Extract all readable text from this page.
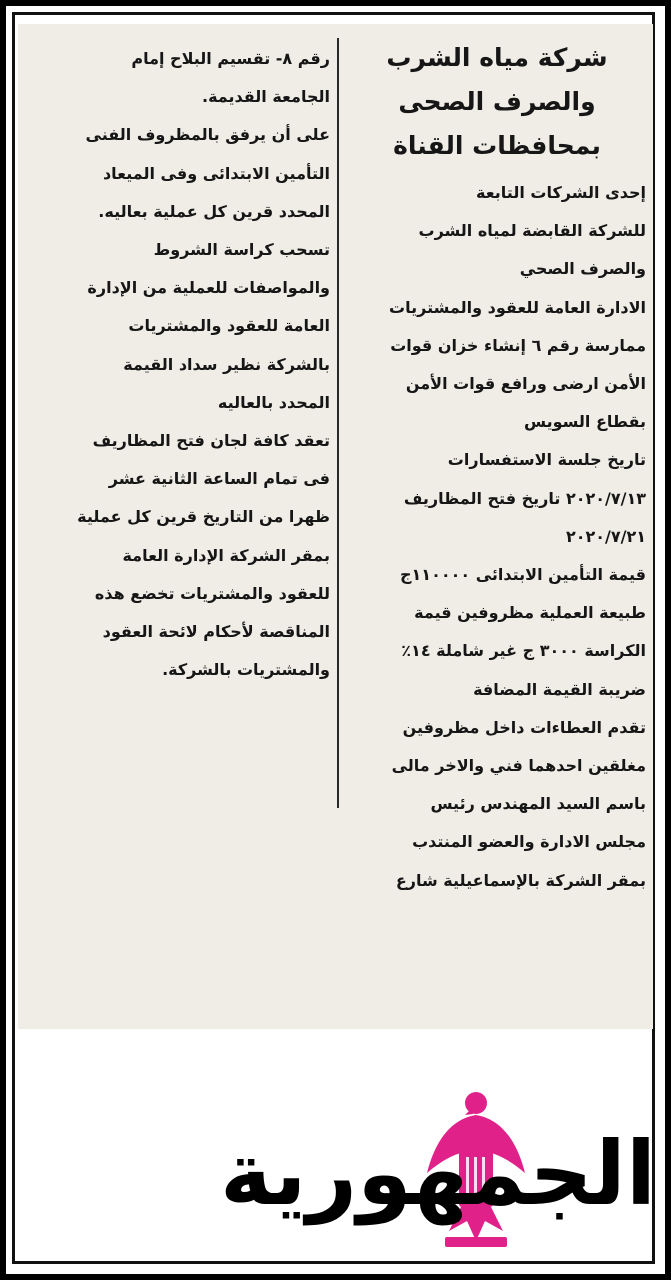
شركة مياه الشرب
والصرف الصحى
بمحافظات القناة
إحدى الشركات التابعة
للشركة القابضة لمياه الشرب
والصرف الصحي
الادارة العامة للعقود والمشتريات
ممارسة رقم ٦ إنشاء خزان قوات
الأمن ارضى ورافع قوات الأمن
بقطاع السويس
تاريخ جلسة الاستفسارات
٢٠٢٠/٧/١٣ تاريخ فتح المظاريف
٢٠٢٠/٧/٢١
قيمة التأمين الابتدائى ١١٠٠٠٠ج
طبيعة العملية مظروفين قيمة
الكراسة ٣٠٠٠ ج غير شاملة ١٤٪
ضريبة القيمة المضافة
تقدم العطاءات داخل مظروفين
مغلقين احدهما فني والاخر مالى
باسم السيد المهندس رئيس
مجلس الادارة والعضو المنتدب
بمقر الشركة بالإسماعيلية شارع
رقم ٨- تقسيم البلاح إمام
الجامعة القديمة.
على أن يرفق بالمظروف الفنى
التأمين الابتدائى وفى الميعاد
المحدد قرين كل عملية بعاليه.
تسحب كراسة الشروط
والمواصفات للعملية من الإدارة
العامة للعقود والمشتريات
بالشركة نظير سداد القيمة
المحدد بالعاليه
تعقد كافة لجان فتح المظاريف
فى تمام الساعة الثانية عشر
ظهرا من التاريخ قرين كل عملية
بمقر الشركة الإدارة العامة
للعقود والمشتريات تخضع هذه
المناقصة لأحكام لائحة العقود
والمشتريات بالشركة.
الجمهورية
